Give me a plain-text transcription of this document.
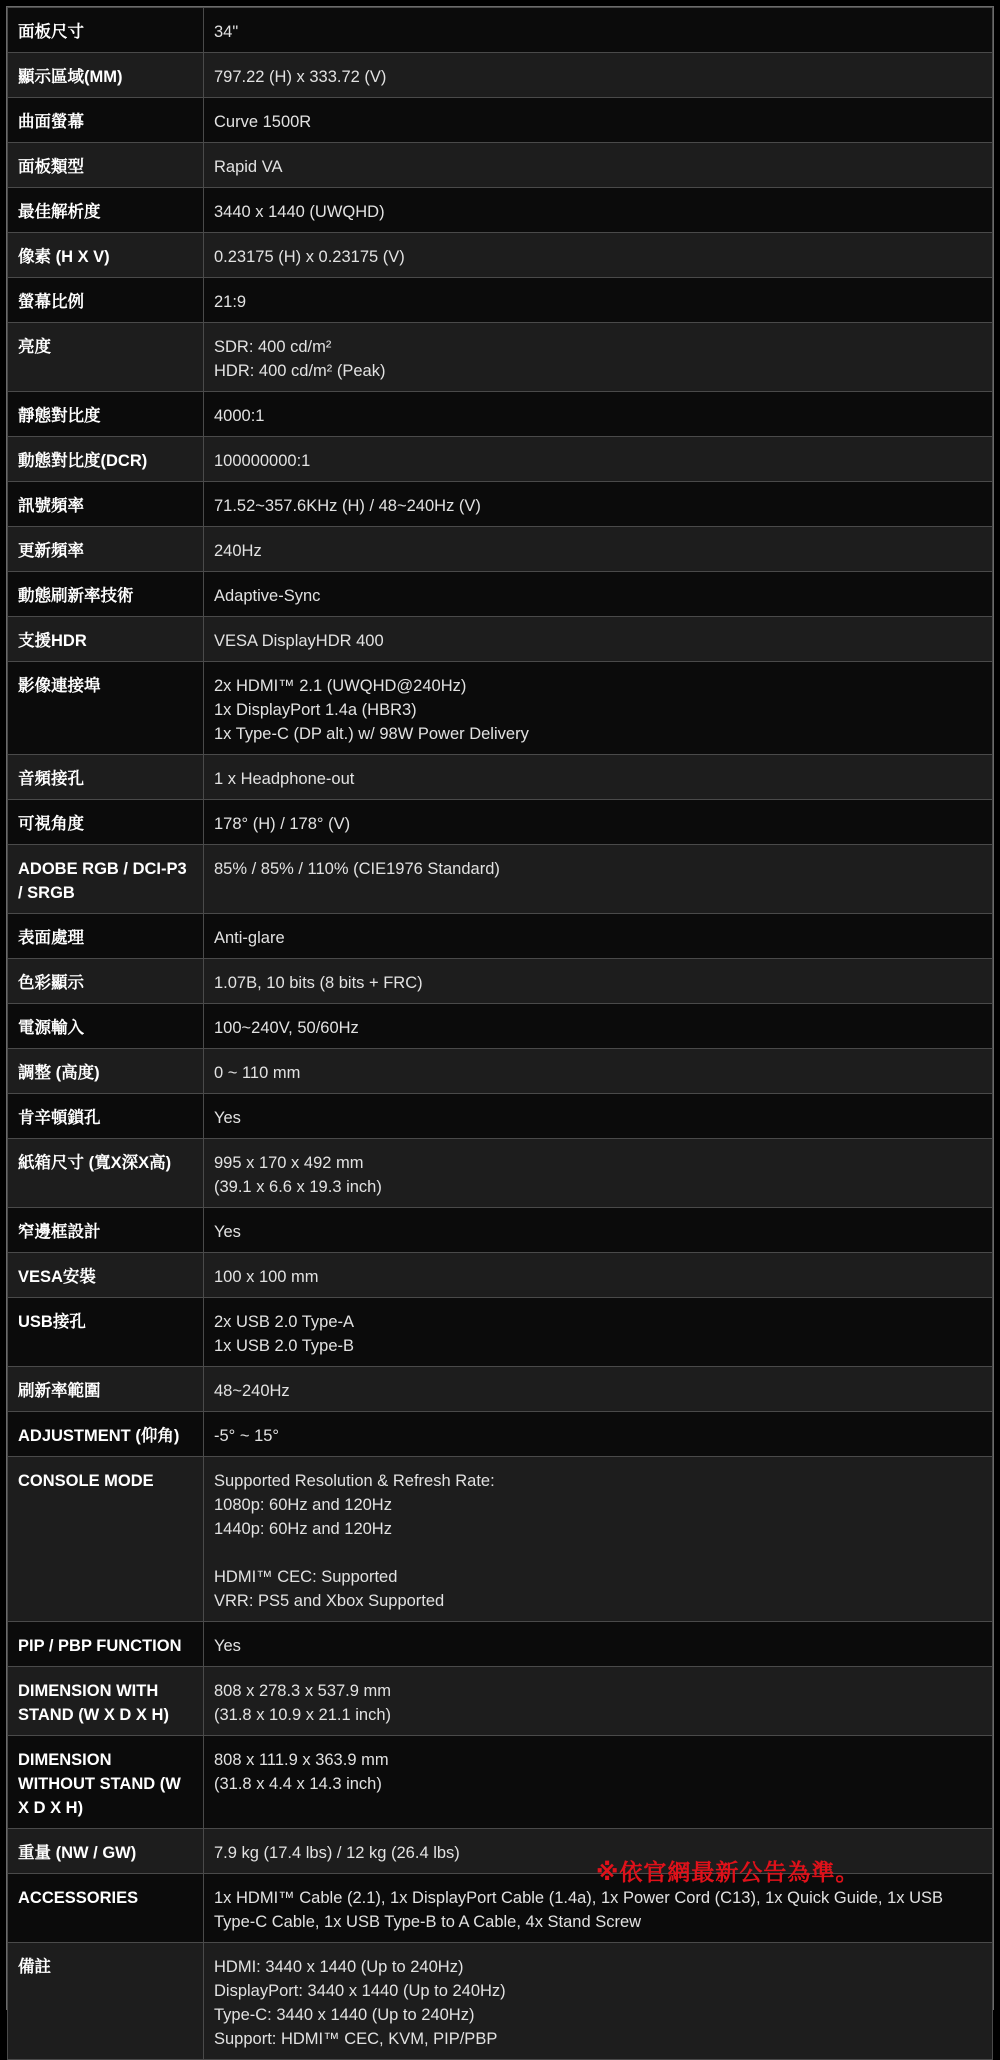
面板尺寸	34"

顯示區域(MM)	797.22 (H) x 333.72 (V)

曲面螢幕	Curve 1500R

面板類型	Rapid VA

最佳解析度	3440 x 1440 (UWQHD)

像素 (H X V)	0.23175 (H) x 0.23175 (V)

螢幕比例	21:9

亮度	SDR: 400 cd/m²
HDR: 400 cd/m² (Peak)

靜態對比度	4000:1

動態對比度(DCR)	100000000:1

訊號頻率	71.52~357.6KHz (H) / 48~240Hz (V)

更新頻率	240Hz

動態刷新率技術	Adaptive-Sync

支援HDR	VESA DisplayHDR 400

影像連接埠	2x HDMI™ 2.1 (UWQHD@240Hz)
1x DisplayPort 1.4a (HBR3)
1x Type-C (DP alt.) w/ 98W Power Delivery

音頻接孔	1 x Headphone-out

可視角度	178° (H) / 178° (V)

ADOBE RGB / DCI-P3 / SRGB	85% / 85% / 110% (CIE1976 Standard)

表面處理	Anti-glare

色彩顯示	1.07B, 10 bits (8 bits + FRC)

電源輸入	100~240V, 50/60Hz

調整 (高度)	0 ~ 110 mm

肯辛頓鎖孔	Yes

紙箱尺寸 (寬X深X高)	995 x 170 x 492 mm
(39.1 x 6.6 x 19.3 inch)

窄邊框設計	Yes

VESA安裝	100 x 100 mm

USB接孔	2x USB 2.0 Type-A
1x USB 2.0 Type-B

刷新率範圍	48~240Hz

ADJUSTMENT (仰角)	-5° ~ 15°

CONSOLE MODE	Supported Resolution & Refresh Rate:
1080p: 60Hz and 120Hz
1440p: 60Hz and 120Hz
HDMI™ CEC: Supported
VRR: PS5 and Xbox Supported

PIP / PBP FUNCTION	Yes

DIMENSION WITH STAND (W X D X H)	808 x 278.3 x 537.9 mm
(31.8 x 10.9 x 21.1 inch)

DIMENSION WITHOUT STAND (W X D X H)	808 x 111.9 x 363.9 mm
(31.8 x 4.4 x 14.3 inch)

重量 (NW / GW)	7.9 kg (17.4 lbs) / 12 kg (26.4 lbs)

ACCESSORIES	1x HDMI™ Cable (2.1), 1x DisplayPort Cable (1.4a), 1x Power Cord (C13), 1x Quick Guide, 1x USB Type-C Cable, 1x USB Type-B to A Cable, 4x Stand Screw

備註	HDMI: 3440 x 1440 (Up to 240Hz)
DisplayPort: 3440 x 1440 (Up to 240Hz)
Type-C: 3440 x 1440 (Up to 240Hz)
Support: HDMI™ CEC, KVM, PIP/PBP
※依官網最新公告為準。
